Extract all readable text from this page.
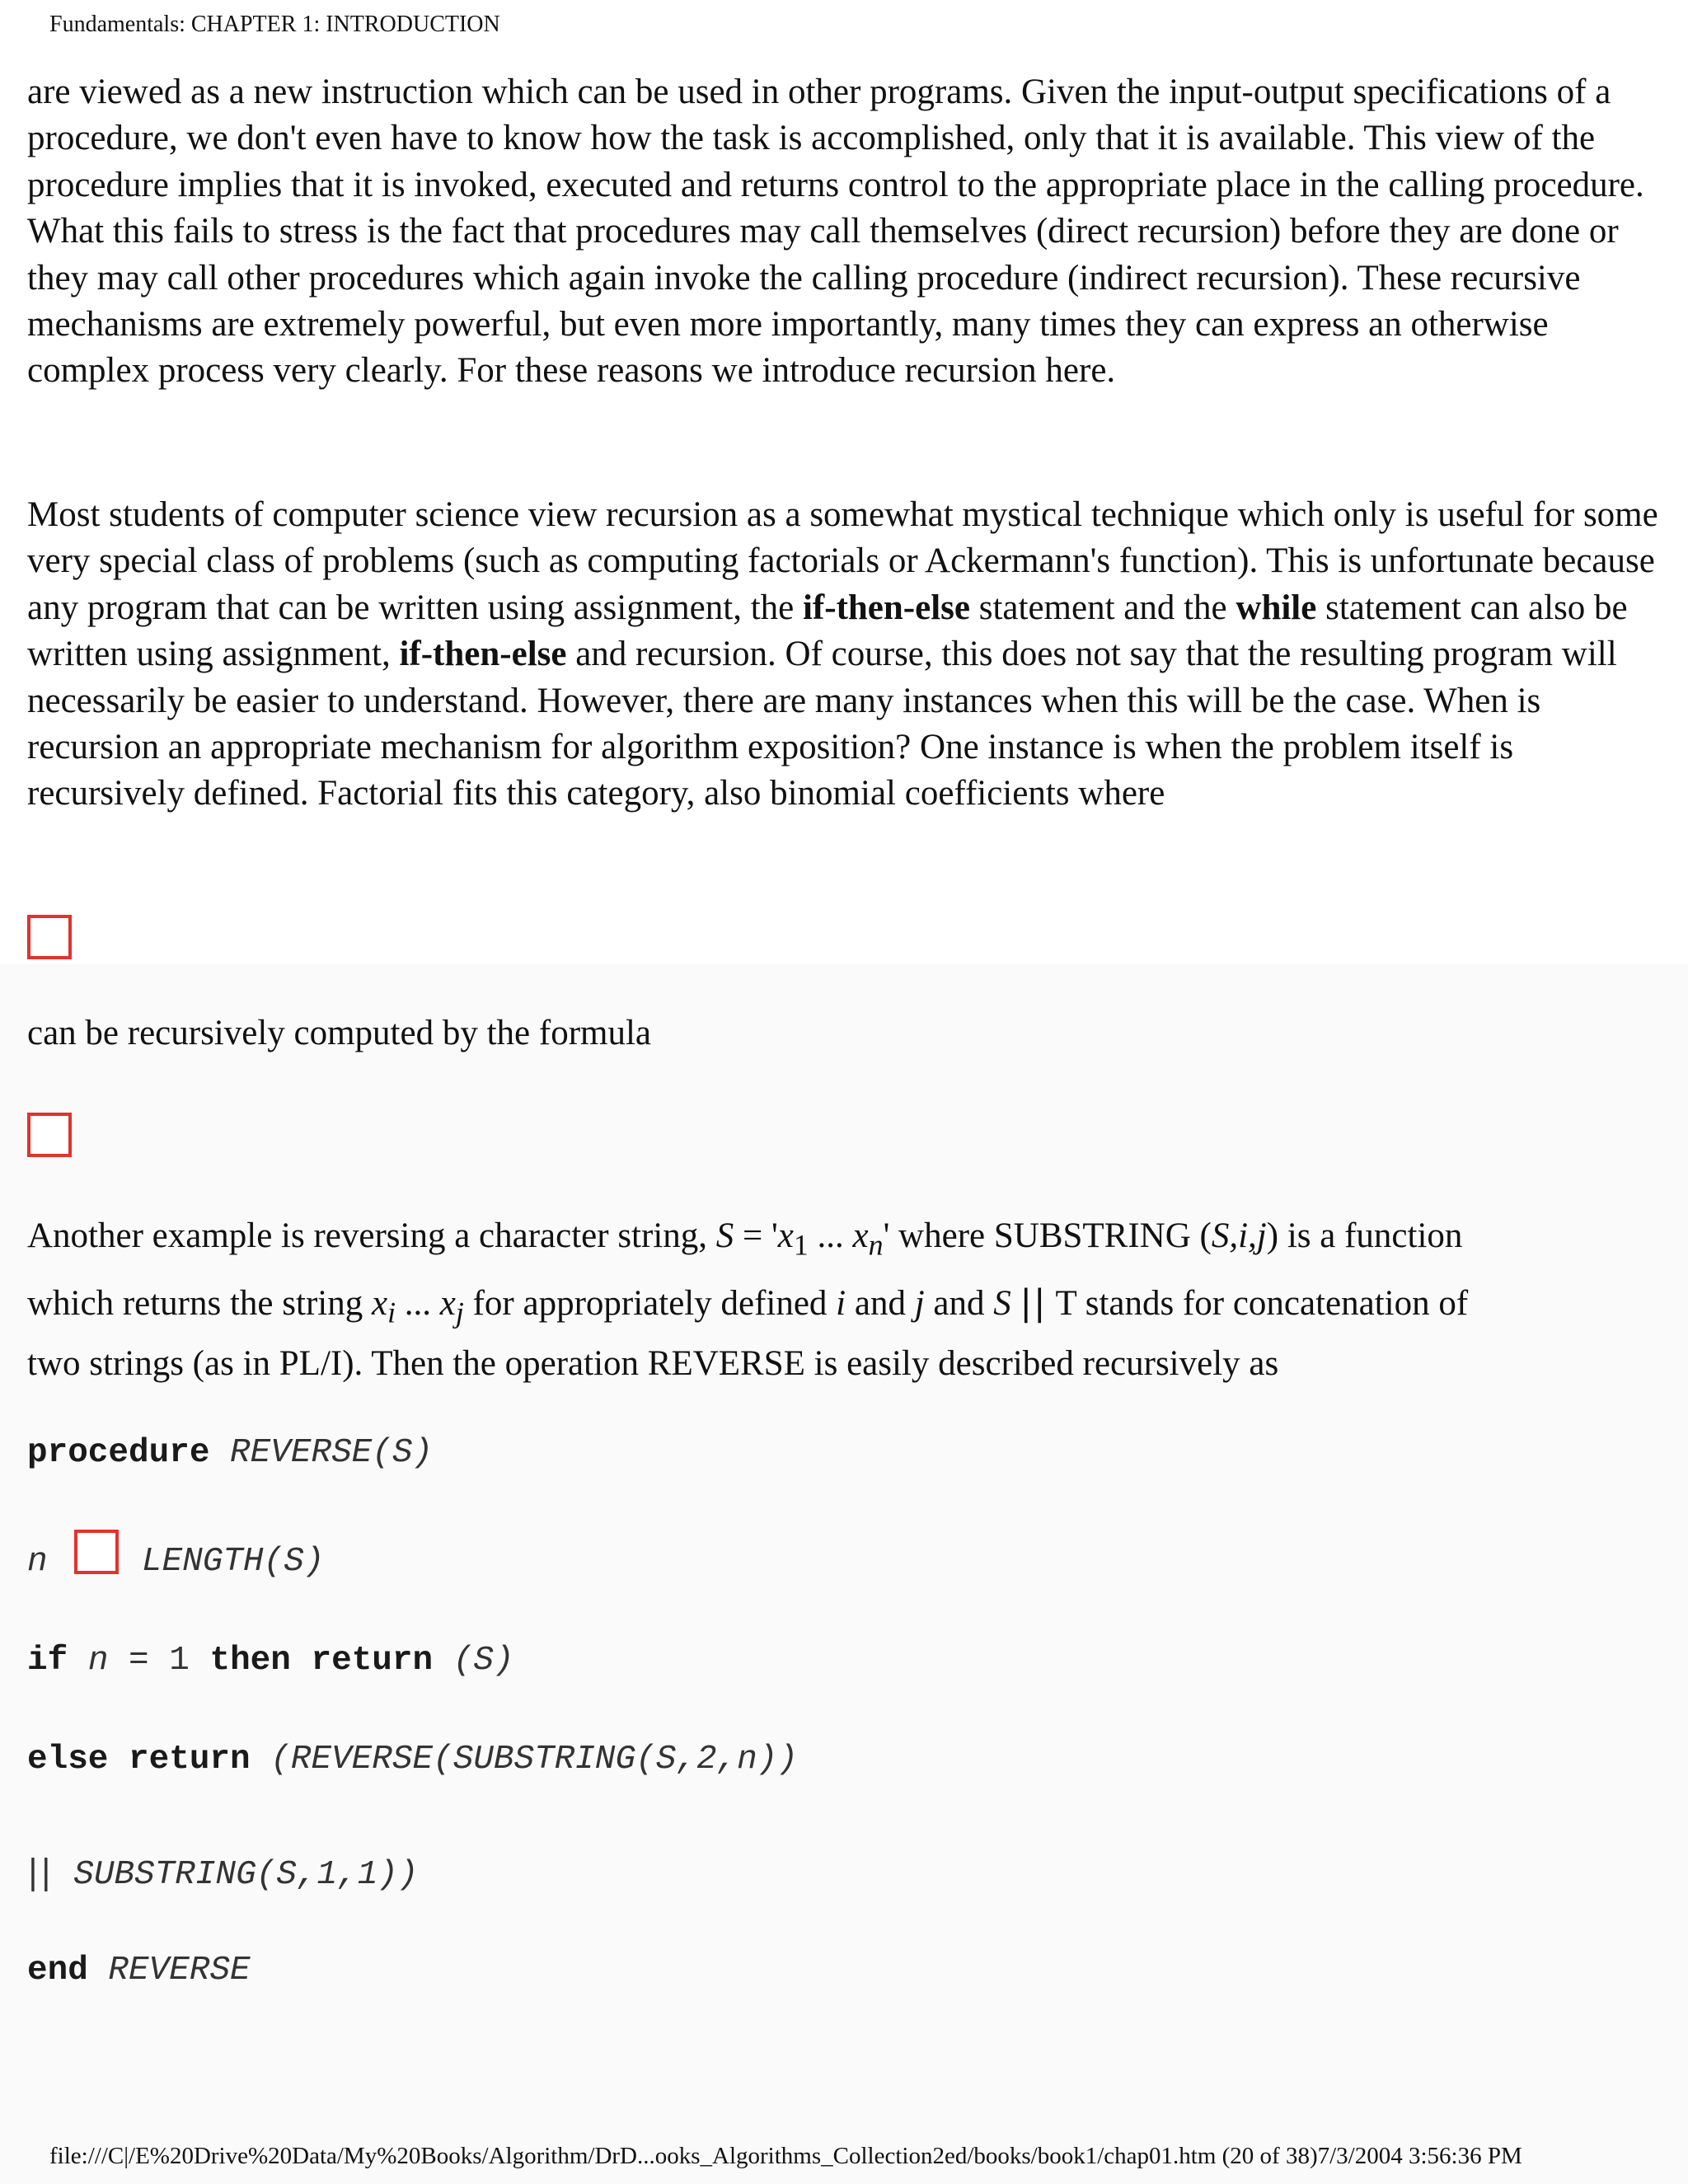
Fundamentals: CHAPTER 1: INTRODUCTION

are viewed as a new instruction which can be used in other programs. Given the input-output specifications of a procedure, we don't even have to know how the task is accomplished, only that it is available. This view of the procedure implies that it is invoked, executed and returns control to the appropriate place in the calling procedure. What this fails to stress is the fact that procedures may call themselves (direct recursion) before they are done or they may call other procedures which again invoke the calling procedure (indirect recursion). These recursive mechanisms are extremely powerful, but even more importantly, many times they can express an otherwise complex process very clearly. For these reasons we introduce recursion here.

Most students of computer science view recursion as a somewhat mystical technique which only is useful for some very special class of problems (such as computing factorials or Ackermann's function). This is unfortunate because any program that can be written using assignment, the if-then-else statement and the while statement can also be written using assignment, if-then-else and recursion. Of course, this does not say that the resulting program will necessarily be easier to understand. However, there are many instances when this will be the case. When is recursion an appropriate mechanism for algorithm exposition? One instance is when the problem itself is recursively defined. Factorial fits this category, also binomial coefficients where

can be recursively computed by the formula

Another example is reversing a character string, $S = 'x_1$ ... $x_n'$ where SUBSTRING (S,i,j) is a function
which returns the string $x_i$ ... $x_j$ for appropriately defined i and j and S || T stands for concatenation of
two strings (as in PL/I). Then the operation REVERSE is easily described recursively as

procedure REVERSE(S)
n	LENGTH(S)
if n = 1 then return (S)
else return (REVERSE(SUBSTRING(S,2,n))
|| SUBSTRING(S,1,1))
end REVERSE
file:///C|/E%20Drive%20Data/My%20Books/Algorithm/DrD...ooks_Algorithms_Collection2ed/books/book1/chap01.htm (20 of 38)7/3/2004 3:56:36 PM
